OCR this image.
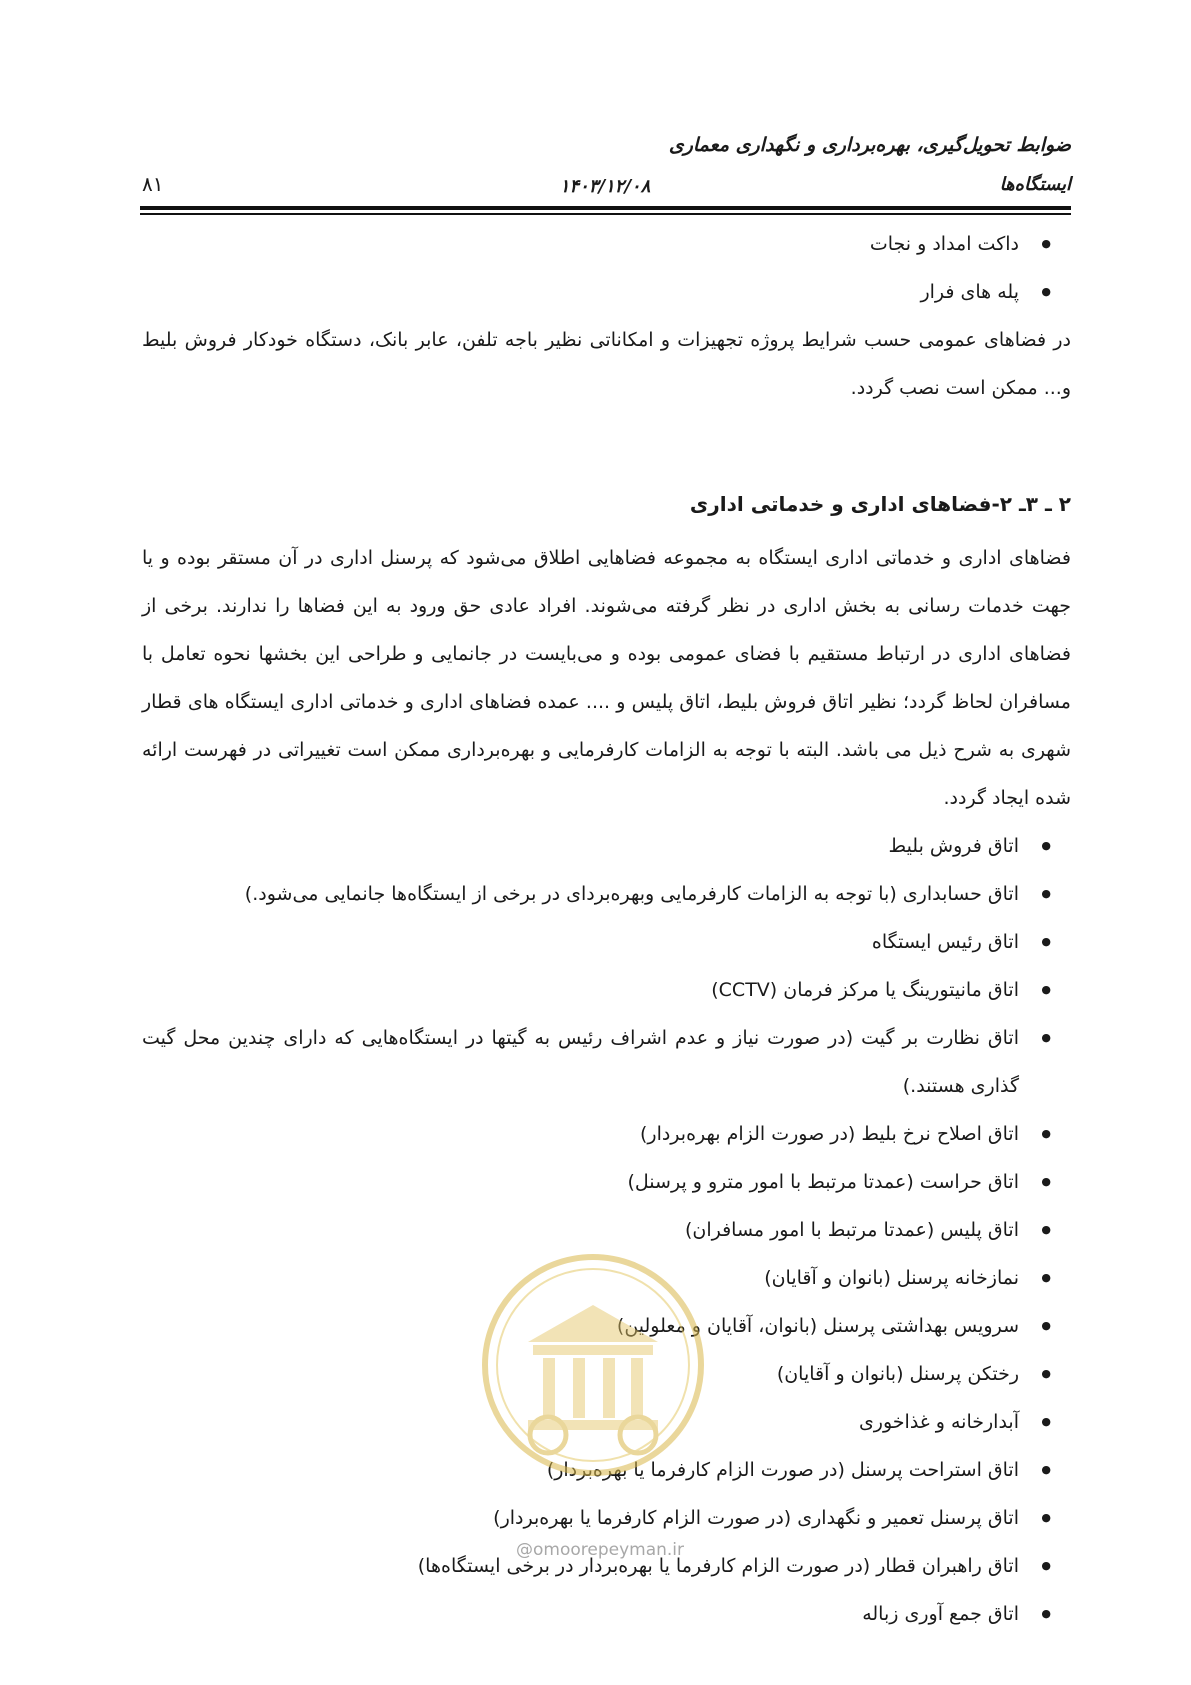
ضوابط تحویل‌گیری، بهره‌برداری و نگهداری معماری
ایستگاه‌ها
۱۴۰۳/۱۲/۰۸
۸۱

● داکت امداد و نجات

● پله های فرار

در فضاهای عمومی حسب شرایط پروژه تجهیزات و امکاناتی نظیر باجه تلفن، عابر بانک، دستگاه خودکار فروش بلیط و... ممکن است نصب گردد.

۲ ـ ۳ـ ۲-فضاهای اداری و خدماتی اداری

فضاهای اداری و خدماتی اداری ایستگاه به مجموعه فضاهایی اطلاق می‌شود که پرسنل اداری در آن مستقر بوده و یا جهت خدمات رسانی به بخش اداری در نظر گرفته می‌شوند. افراد عادی حق ورود به این فضاها را ندارند. برخی از فضاهای اداری در ارتباط مستقیم با فضای عمومی بوده و می‌بایست در جانمایی و طراحی این بخشها نحوه تعامل با مسافران لحاظ گردد؛ نظیر اتاق فروش بلیط، اتاق پلیس و .... عمده فضاهای اداری و خدماتی اداری ایستگاه های قطار شهری به شرح ذیل می باشد. البته با توجه به الزامات کارفرمایی و بهره‌برداری ممکن است تغییراتی در فهرست ارائه شده ایجاد گردد.

● اتاق فروش بلیط

● اتاق حسابداری (با توجه به الزامات کارفرمایی وبهره‌بردای در برخی از ایستگاه‌ها جانمایی می‌شود.)

● اتاق رئیس ایستگاه

● اتاق مانیتورینگ یا مرکز فرمان (CCTV)

● اتاق نظارت بر گیت (در صورت نیاز و عدم اشراف رئیس به گیتها در ایستگاه‌هایی که دارای چندین محل گیت گذاری هستند.)

● اتاق اصلاح نرخ بلیط (در صورت الزام بهره‌بردار)

● اتاق حراست (عمدتا مرتبط با امور مترو و پرسنل)

● اتاق پلیس (عمدتا مرتبط با امور مسافران)

● نمازخانه پرسنل (بانوان و آقایان)

● سرویس بهداشتی پرسنل (بانوان، آقایان و معلولین)

● رختکن پرسنل (بانوان و آقایان)

● آبدارخانه و غذاخوری

● اتاق استراحت پرسنل (در صورت الزام کارفرما یا بهره‌بردار)

● اتاق پرسنل تعمیر و نگهداری (در صورت الزام کارفرما یا بهره‌بردار)

● اتاق راهبران قطار (در صورت الزام کارفرما یا بهره‌بردار در برخی ایستگاه‌ها)

● اتاق جمع آوری زباله

@omoorepeyman.ir
